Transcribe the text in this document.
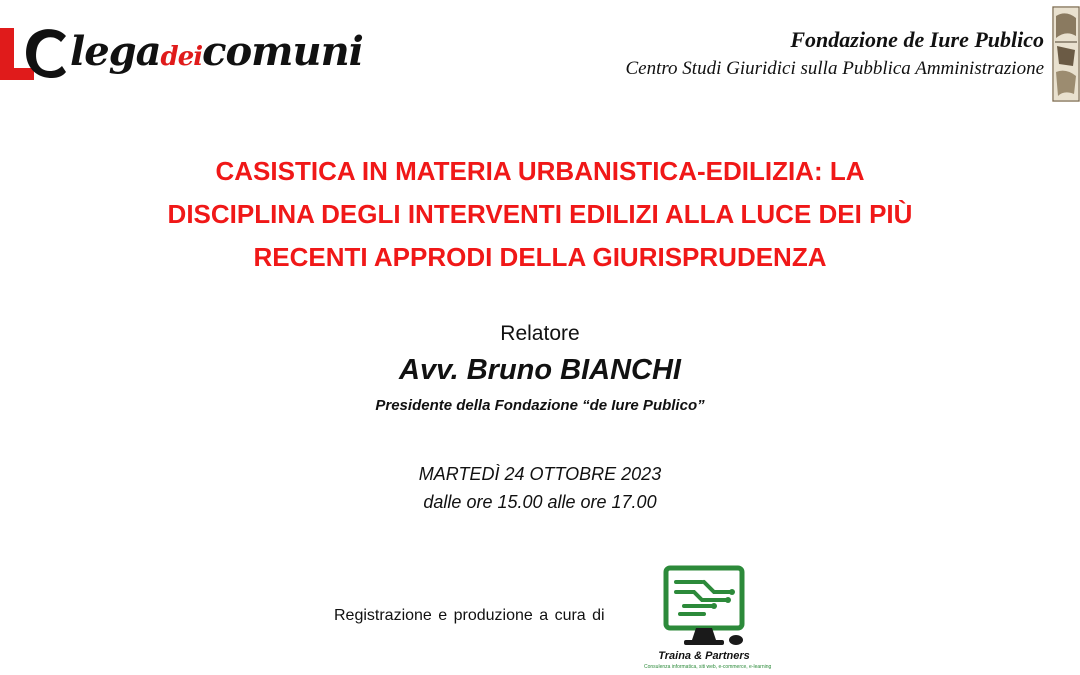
legadeicomuni	Fondazione de Iure Publico
Centro Studi Giuridici sulla Pubblica Amministrazione
CASISTICA IN MATERIA URBANISTICA-EDILIZIA: LA
DISCIPLINA DEGLI INTERVENTI EDILIZI ALLA LUCE DEI PIÙ
RECENTI APPRODI DELLA GIURISPRUDENZA
Relatore
Avv. Bruno BIANCHI
Presidente della Fondazione “de Iure Publico”
MARTEDÌ 24 OTTOBRE 2023
dalle ore 15.00 alle ore 17.00
Registrazione e produzione a cura di
Traina & Partners
Consulenza informatica, siti web, e-commerce, e-learning
